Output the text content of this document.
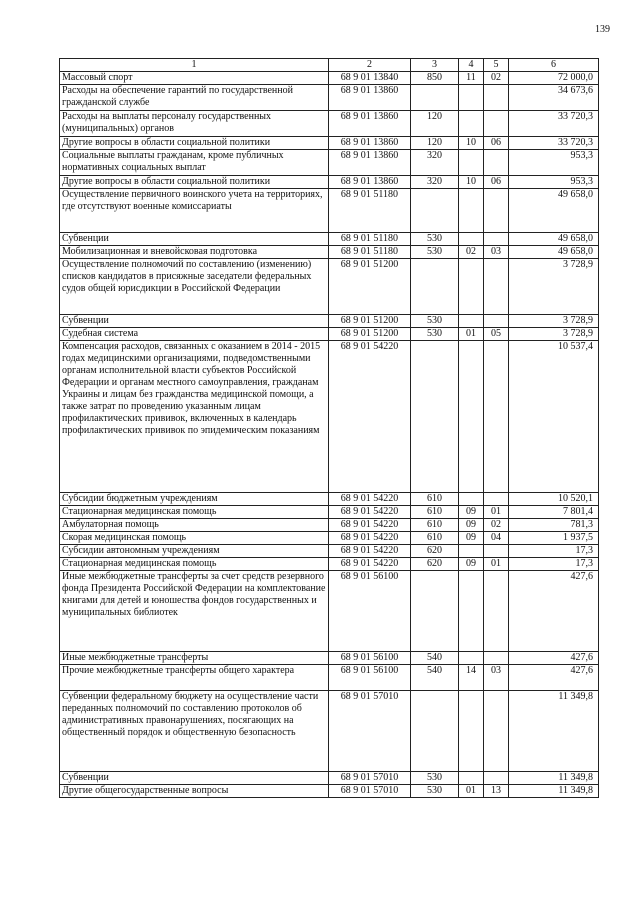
139
1	2	3	4	5	6
Массовый спорт	68 9 01 13840	850	11	02	72 000,0
Расходы на обеспечение гарантий по государственной гражданской службе	68 9 01 13860				34 673,6
Расходы на выплаты персоналу государственных (муниципальных) органов	68 9 01 13860	120			33 720,3
Другие вопросы в области социальной политики	68 9 01 13860	120	10	06	33 720,3
Социальные выплаты гражданам, кроме публичных нормативных социальных выплат	68 9 01 13860	320			953,3
Другие вопросы в области социальной политики	68 9 01 13860	320	10	06	953,3
Осуществление первичного воинского учета на территориях, где отсутствуют военные комиссариаты	68 9 01 51180				49 658,0
Субвенции	68 9 01 51180	530			49 658,0
Мобилизационная и вневойсковая подготовка	68 9 01 51180	530	02	03	49 658,0
Осуществление полномочий по составлению (изменению) списков кандидатов в присяжные заседатели федеральных судов общей юрисдикции в Российской Федерации	68 9 01 51200				3 728,9
Субвенции	68 9 01 51200	530			3 728,9
Судебная система	68 9 01 51200	530	01	05	3 728,9
Компенсация расходов, связанных с оказанием в 2014 - 2015 годах медицинскими организациями, подведомственными органам исполнительной власти субъектов Российской Федерации и органам местного самоуправления, гражданам Украины и лицам без гражданства медицинской помощи, а также затрат по проведению указанным лицам профилактических прививок, включенных в календарь профилактических прививок по эпидемическим показаниям	68 9 01 54220				10 537,4
Субсидии бюджетным учреждениям	68 9 01 54220	610			10 520,1
Стационарная медицинская помощь	68 9 01 54220	610	09	01	7 801,4
Амбулаторная помощь	68 9 01 54220	610	09	02	781,3
Скорая медицинская помощь	68 9 01 54220	610	09	04	1 937,5
Субсидии автономным учреждениям	68 9 01 54220	620			17,3
Стационарная медицинская помощь	68 9 01 54220	620	09	01	17,3
Иные межбюджетные трансферты за счет средств резервного фонда Президента Российской Федерации на комплектование книгами для детей и юношества фондов государственных и муниципальных библиотек	68 9 01 56100				427,6
Иные межбюджетные трансферты	68 9 01 56100	540			427,6
Прочие межбюджетные трансферты общего характера	68 9 01 56100	540	14	03	427,6
Субвенции федеральному бюджету на осуществление части переданных полномочий по составлению протоколов об административных правонарушениях, посягающих на общественный порядок и общественную безопасность	68 9 01 57010				11 349,8
Субвенции	68 9 01 57010	530			11 349,8
Другие общегосударственные вопросы	68 9 01 57010	530	01	13	11 349,8
